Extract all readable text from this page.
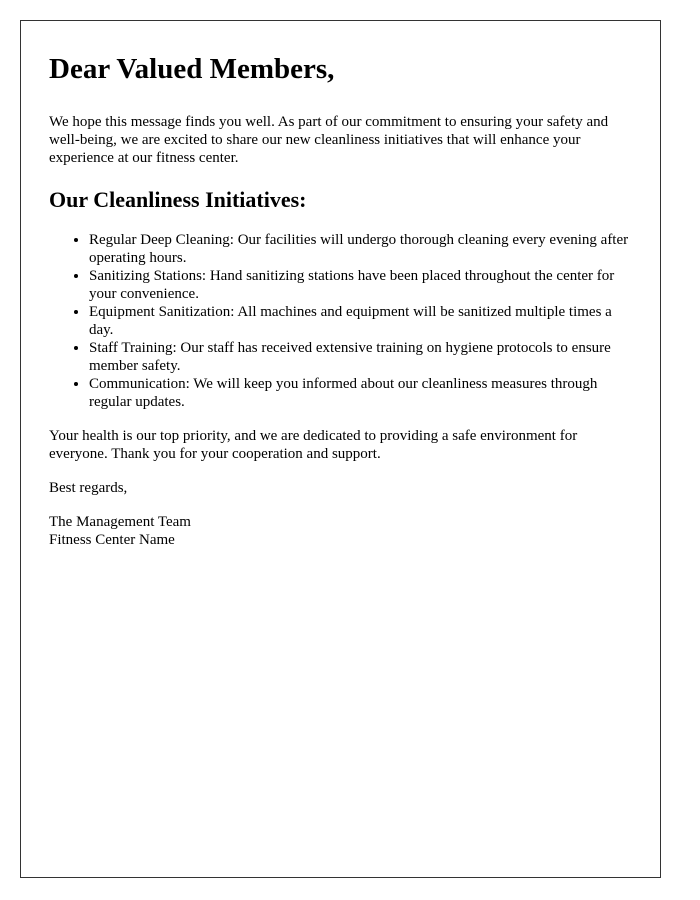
Dear Valued Members,

We hope this message finds you well. As part of our commitment to ensuring your safety and well-being, we are excited to share our new cleanliness initiatives that will enhance your experience at our fitness center.

Our Cleanliness Initiatives:
• Regular Deep Cleaning: Our facilities will undergo thorough cleaning every evening after operating hours.
• Sanitizing Stations: Hand sanitizing stations have been placed throughout the center for your convenience.
• Equipment Sanitization: All machines and equipment will be sanitized multiple times a day.
• Staff Training: Our staff has received extensive training on hygiene protocols to ensure member safety.
• Communication: We will keep you informed about our cleanliness measures through regular updates.

Your health is our top priority, and we are dedicated to providing a safe environment for everyone. Thank you for your cooperation and support.

Best regards,

The Management Team
Fitness Center Name
